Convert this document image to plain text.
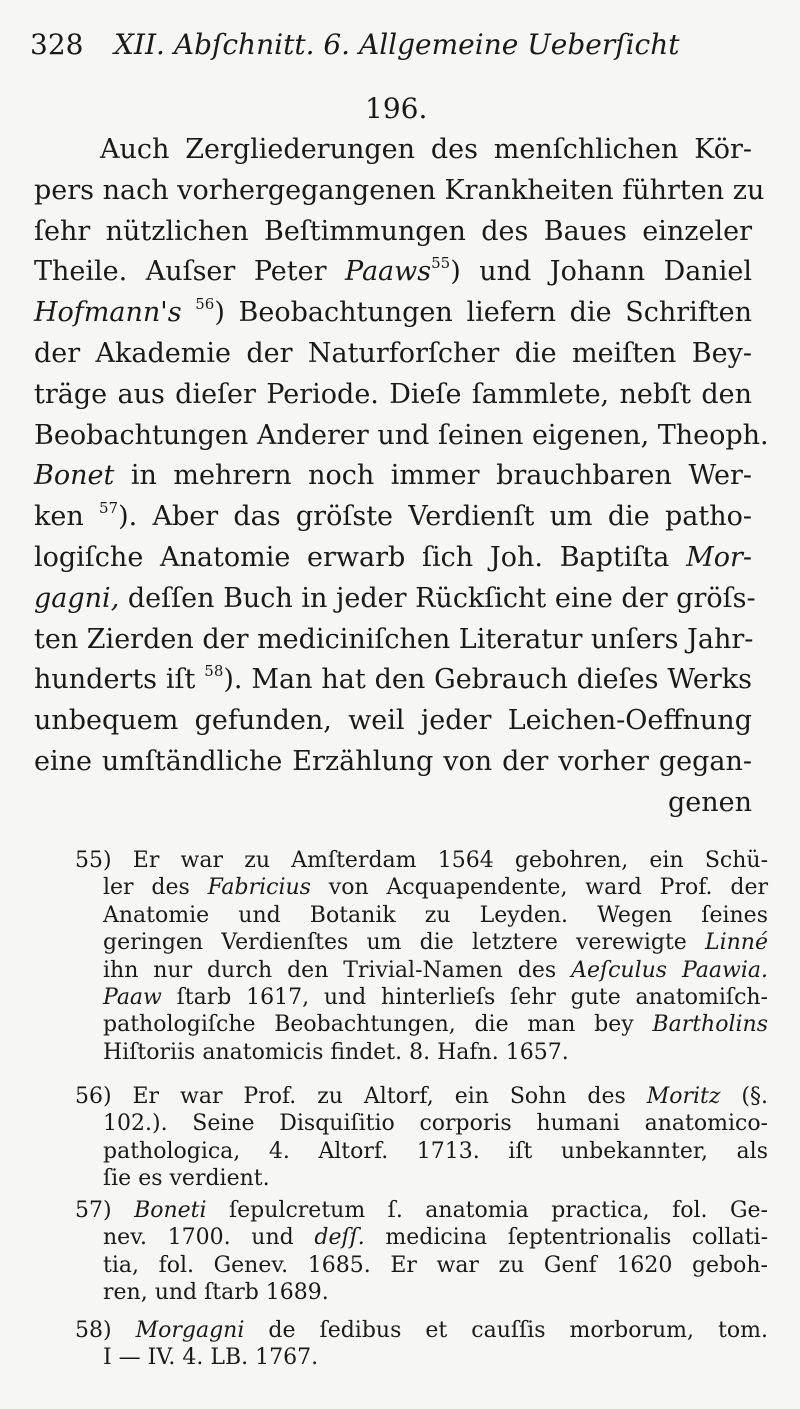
328 XII. Abſchnitt. 6. Allgemeine Ueberſicht
196.
Auch Zergliederungen des menſchlichen Kör-
pers nach vorhergegangenen Krankheiten führten zu
ſehr nützlichen Beſtimmungen des Baues einzeler
Theile. Auſser Peter Paaws$^{55}$) und Johann Daniel
Hofmann's $^{56}$) Beobachtungen liefern die Schriften
der Akademie der Naturforſcher die meiſten Bey-
träge aus dieſer Periode. Dieſe ſammlete, nebſt den
Beobachtungen Anderer und ſeinen eigenen, Theoph.
Bonet in mehrern noch immer brauchbaren Wer-
ken $^{57}$). Aber das gröſste Verdienſt um die patho-
logiſche Anatomie erwarb ſich Joh. Baptiſta Mor-
gagni, deſſen Buch in jeder Rückſicht eine der gröſs-
ten Zierden der mediciniſchen Literatur unſers Jahr-
hunderts iſt $^{58}$). Man hat den Gebrauch dieſes Werks
unbequem gefunden, weil jeder Leichen-Oeffnung
eine umſtändliche Erzählung von der vorher gegan-
genen
55) Er war zu Amſterdam 1564 gebohren, ein Schü-
ler des Fabricius von Acquapendente, ward Prof. der
Anatomie und Botanik zu Leyden. Wegen ſeines
geringen Verdienſtes um die letztere verewigte Linné
ihn nur durch den Trivial-Namen des Aeſculus Paawia.
Paaw ſtarb 1617, und hinterlieſs ſehr gute anatomiſch-
pathologiſche Beobachtungen, die man bey Bartholins
Hiſtoriis anatomicis findet. 8. Hafn. 1657.
56) Er war Prof. zu Altorf, ein Sohn des Moritz (§.
102.). Seine Disquiſitio corporis humani anatomico-
pathologica, 4. Altorf. 1713. iſt unbekannter, als
ſie es verdient.
57) Boneti ſepulcretum ſ. anatomia practica, fol. Ge-
nev. 1700. und deſſ. medicina ſeptentrionalis collati-
tia, fol. Genev. 1685. Er war zu Genf 1620 geboh-
ren, und ſtarb 1689.
58) Morgagni de ſedibus et cauſſis morborum, tom.
I — IV. 4. LB. 1767.
